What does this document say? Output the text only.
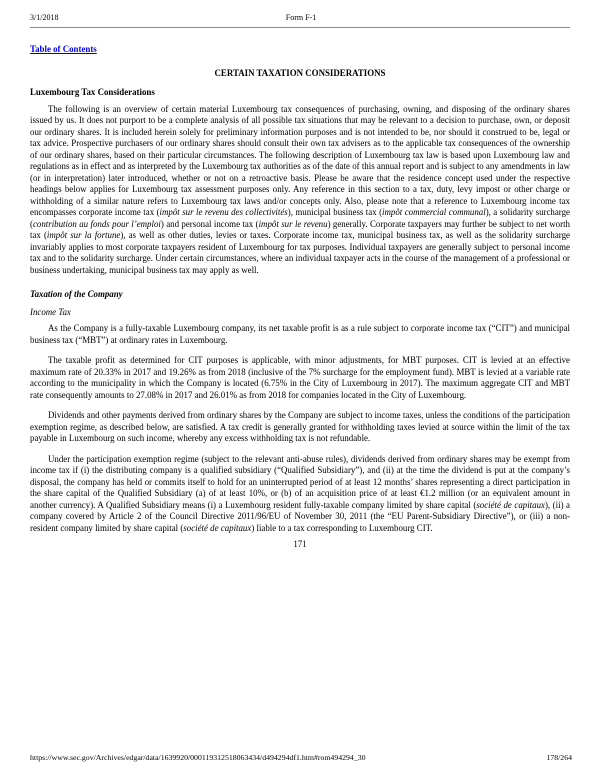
3/1/2018	Form F-1
Table of Contents
CERTAIN TAXATION CONSIDERATIONS
Luxembourg Tax Considerations

The following is an overview of certain material Luxembourg tax consequences of purchasing, owning, and disposing of the ordinary shares issued by us. It does not purport to be a complete analysis of all possible tax situations that may be relevant to a decision to purchase, own, or deposit our ordinary shares. It is included herein solely for preliminary information purposes and is not intended to be, nor should it construed to be, legal or tax advice. Prospective purchasers of our ordinary shares should consult their own tax advisers as to the applicable tax consequences of the ownership of our ordinary shares, based on their particular circumstances. The following description of Luxembourg tax law is based upon Luxembourg law and regulations as in effect and as interpreted by the Luxembourg tax authorities as of the date of this annual report and is subject to any amendments in law (or in interpretation) later introduced, whether or not on a retroactive basis. Please be aware that the residence concept used under the respective headings below applies for Luxembourg tax assessment purposes only. Any reference in this section to a tax, duty, levy impost or other charge or withholding of a similar nature refers to Luxembourg tax laws and/or concepts only. Also, please note that a reference to Luxembourg income tax encompasses corporate income tax (impôt sur le revenu des collectivités), municipal business tax (impôt commercial communal), a solidarity surcharge (contribution au fonds pour l’emploi) and personal income tax (impôt sur le revenu) generally. Corporate taxpayers may further be subject to net worth tax (impôt sur la fortune), as well as other duties, levies or taxes. Corporate income tax, municipal business tax, as well as the solidarity surcharge invariably applies to most corporate taxpayers resident of Luxembourg for tax purposes. Individual taxpayers are generally subject to personal income tax and to the solidarity surcharge. Under certain circumstances, where an individual taxpayer acts in the course of the management of a professional or business undertaking, municipal business tax may apply as well.

Taxation of the Company
Income Tax

As the Company is a fully-taxable Luxembourg company, its net taxable profit is as a rule subject to corporate income tax (“CIT”) and municipal business tax (“MBT”) at ordinary rates in Luxembourg.

The taxable profit as determined for CIT purposes is applicable, with minor adjustments, for MBT purposes. CIT is levied at an effective maximum rate of 20.33% in 2017 and 19.26% as from 2018 (inclusive of the 7% surcharge for the employment fund). MBT is levied at a variable rate according to the municipality in which the Company is located (6.75% in the City of Luxembourg in 2017). The maximum aggregate CIT and MBT rate consequently amounts to 27.08% in 2017 and 26.01% as from 2018 for companies located in the City of Luxembourg.

Dividends and other payments derived from ordinary shares by the Company are subject to income taxes, unless the conditions of the participation exemption regime, as described below, are satisfied. A tax credit is generally granted for withholding taxes levied at source within the limit of the tax payable in Luxembourg on such income, whereby any excess withholding tax is not refundable.

Under the participation exemption regime (subject to the relevant anti-abuse rules), dividends derived from ordinary shares may be exempt from income tax if (i) the distributing company is a qualified subsidiary (“Qualified Subsidiary”), and (ii) at the time the dividend is put at the company’s disposal, the company has held or commits itself to hold for an uninterrupted period of at least 12 months’ shares representing a direct participation in the share capital of the Qualified Subsidiary (a) of at least 10%, or (b) of an acquisition price of at least €1.2 million (or an equivalent amount in another currency). A Qualified Subsidiary means (i) a Luxembourg resident fully-taxable company limited by share capital (société de capitaux), (ii) a company covered by Article 2 of the Council Directive 2011/96/EU of November 30, 2011 (the “EU Parent-Subsidiary Directive”), or (iii) a non-resident company limited by share capital (société de capitaux) liable to a tax corresponding to Luxembourg CIT.

171
https://www.sec.gov/Archives/edgar/data/1639920/000119312518063434/d494294df1.htm#rom494294_30	178/264
